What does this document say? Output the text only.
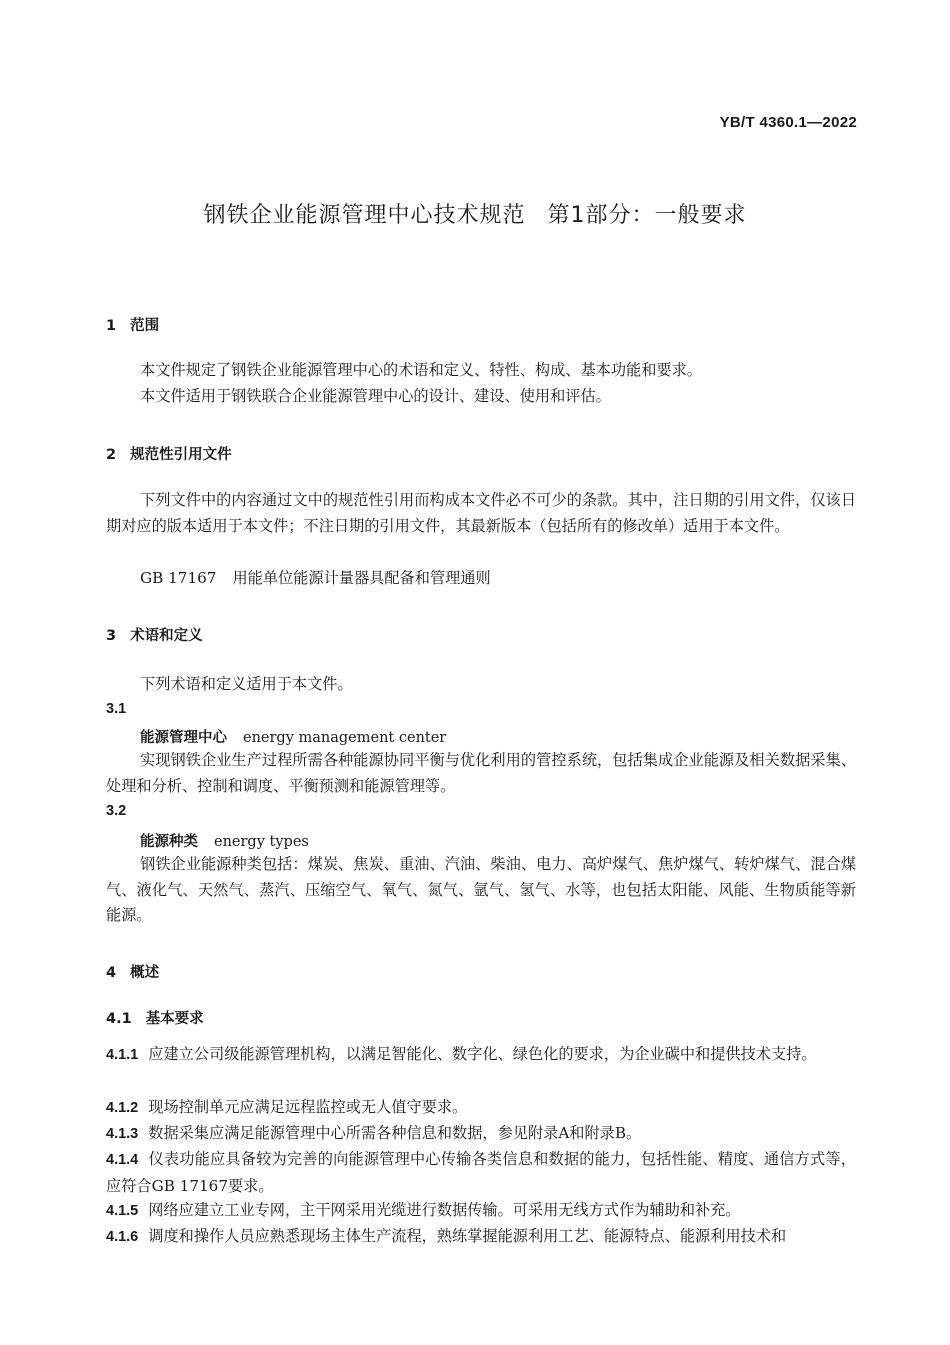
YB/T 4360.1—2022
钢铁企业能源管理中心技术规范 第1部分：一般要求
1 范围
本文件规定了钢铁企业能源管理中心的术语和定义、特性、构成、基本功能和要求。
本文件适用于钢铁联合企业能源管理中心的设计、建设、使用和评估。
2 规范性引用文件
下列文件中的内容通过文中的规范性引用而构成本文件必不可少的条款。其中，注日期的引用文件，仅该日期对应的版本适用于本文件；不注日期的引用文件，其最新版本（包括所有的修改单）适用于本文件。
GB 17167 用能单位能源计量器具配备和管理通则
3 术语和定义
下列术语和定义适用于本文件。
3.1
能源管理中心 energy management center
实现钢铁企业生产过程所需各种能源协同平衡与优化利用的管控系统，包括集成企业能源及相关数据采集、处理和分析、控制和调度、平衡预测和能源管理等。
3.2
能源种类 energy types
钢铁企业能源种类包括：煤炭、焦炭、重油、汽油、柴油、电力、高炉煤气、焦炉煤气、转炉煤气、混合煤气、液化气、天然气、蒸汽、压缩空气、氧气、氮气、氩气、氢气、水等，也包括太阳能、风能、生物质能等新能源。
4 概述
4.1 基本要求
4.1.1 应建立公司级能源管理机构，以满足智能化、数字化、绿色化的要求，为企业碳中和提供技术支持。
4.1.2 现场控制单元应满足远程监控或无人值守要求。
4.1.3 数据采集应满足能源管理中心所需各种信息和数据，参见附录A和附录B。
4.1.4 仪表功能应具备较为完善的向能源管理中心传输各类信息和数据的能力，包括性能、精度、通信方式等，应符合GB 17167要求。
4.1.5 网络应建立工业专网，主干网采用光缆进行数据传输。可采用无线方式作为辅助和补充。
4.1.6 调度和操作人员应熟悉现场主体生产流程，熟练掌握能源利用工艺、能源特点、能源利用技术和
